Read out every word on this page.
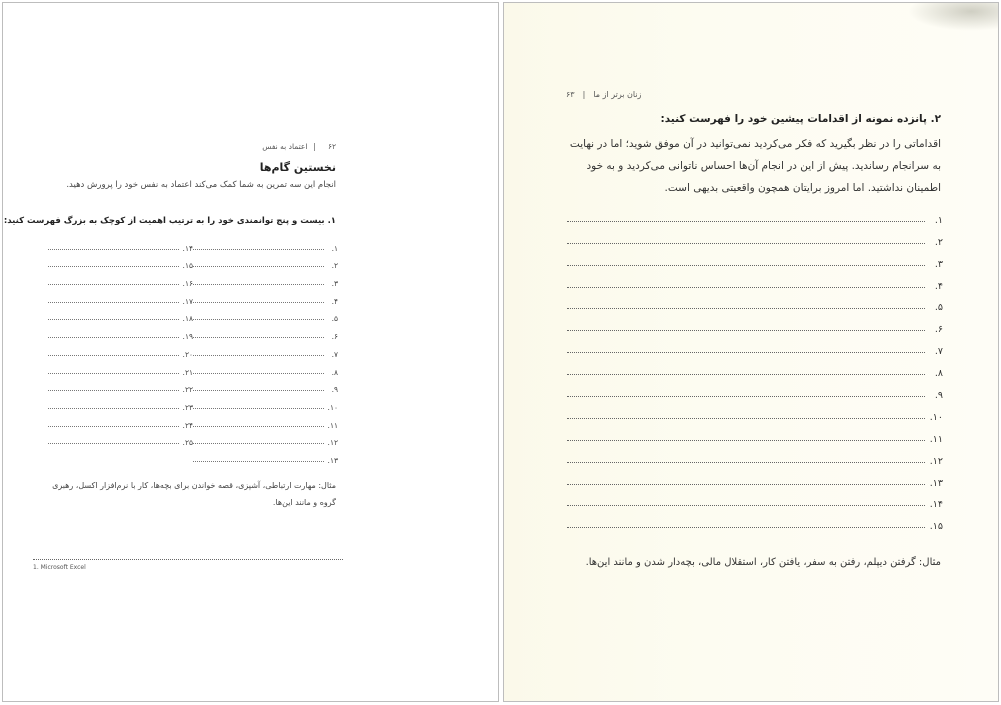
۶۲|اعتماد به نفس
نخستین گام‌ها
انجام این سه تمرین به شما کمک می‌کند اعتماد به نفس خود را پرورش دهید.
۱. بیست و پنج توانمندی خود را به ترتیب اهمیت از کوچک به بزرگ فهرست کنید:
۱.
۲.
۳.
۴.
۵.
۶.
۷.
۸.
۹.
۱۰.
۱۱.
۱۲.
۱۳.
۱۴.
۱۵.
۱۶.
۱۷.
۱۸.
۱۹.
۲۰.
۲۱.
۲۲.
۲۳.
۲۴.
۲۵.
مثال: مهارت ارتباطی، آشپزی، قصه خواندن برای بچه‌ها، کار با نرم‌افزار اکسل، رهبری گروه و مانند این‌ها.
1. Microsoft Excel
زنان برتر از ما|۶۳
۲. پانزده نمونه از اقدامات پیشین خود را فهرست کنید:
اقداماتی را در نظر بگیرید که فکر می‌کردید نمی‌توانید در آن موفق شوید؛ اما در نهایت به سرانجام رساندید. پیش از این در انجام آن‌ها احساس ناتوانی می‌کردید و به خود اطمینان نداشتید. اما امروز برایتان همچون واقعیتی بدیهی است.
۱.
۲.
۳.
۴.
۵.
۶.
۷.
۸.
۹.
۱۰.
۱۱.
۱۲.
۱۳.
۱۴.
۱۵.
مثال: گرفتن دیپلم، رفتن به سفر، یافتن کار، استقلال مالی، بچه‌دار شدن و مانند این‌ها.
